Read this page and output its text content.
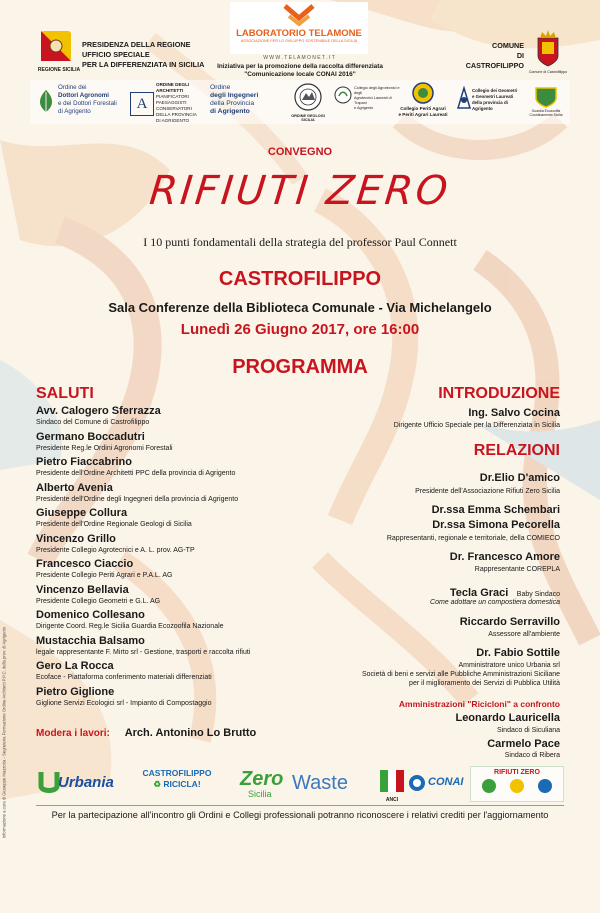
REGIONE SICILIA
PRESIDENZA DELLA REGIONE
UFFICIO SPECIALE
PER LA DIFFERENZIATA IN SICILIA
LABORATORIO TELAMONE
ASSOCIAZIONE PER LO SVILUPPO SOSTENIBILE DELLA SICILIA
W W W . T E L A M O N E T . I T
Iniziativa per la promozione della raccolta differenziata
"Comunicazione locale CONAI 2016"
COMUNE
DI
CASTROFILIPPO
Comune di Castrofilippo
Ordine dei
Dottori Agronomi
e dei Dottori Forestali
di Agrigento	A
ORDINE DEGLI ARCHITETTI
PIANIFICATORI
PAESAGGISTI
CONSERVATORI
DELLA PROVINCIA
DI AGRIGENTO
Ordine
degli Ingegneri
della Provincia
di Agrigento
ORDINE GEOLOGI SICILIA
Collegio degli Agrotecnici e degli
Agrotecnici Laureati di Trapani
e Agrigento	Collegio Periti Agrari
e Periti Agrari Laureati
Collegio dei Geometri
e Geometri Laureati
della provincia di Agrigento	Guardia Ecozoofila
Coordinamento Sicilia
CONVEGNO
RIFIUTI ZERO
I 10 punti fondamentali della strategia del professor Paul Connett
CASTROFILIPPO
Sala Conferenze della Biblioteca Comunale - Via Michelangelo
Lunedì 26 Giugno 2017, ore 16:00
PROGRAMMA
SALUTI
Avv. Calogero Sferrazza
Sindaco del Comune di Castrofilippo
Germano Boccadutri
Presidente Reg.le Ordini Agronomi Forestali
Pietro Fiaccabrino
Presidente dell'Ordine Architetti PPC della provincia di Agrigento
Alberto Avenia
Presidente dell'Ordine degli Ingegneri della provincia di Agrigento
Giuseppe Collura
Presidente dell'Ordine Regionale Geologi di Sicilia
Vincenzo Grillo
Presidente Collegio Agrotecnici e A. L. prov. AG-TP
Francesco Ciaccio
Presidente Collegio Periti Agrari e P.A.L. AG
Vincenzo Bellavia
Presidente Collegio Geometri e G.L. AG
Domenico Collesano
Dirigente Coord. Reg.le Sicilia Guardia Ecozoofila Nazionale
Mustacchia Balsamo
legale rappresentante F. Mirto srl - Gestione, trasporti e raccolta rifiuti
Gero La Rocca
Ecoface - Piattaforma conferimento materiali differenziati
Pietro Giglione
Giglione Servizi Ecologici srl - Impianto di Compostaggio
Modera i lavori: Arch. Antonino Lo Brutto
INTRODUZIONE
Ing. Salvo Cocina
Dirigente Ufficio Speciale per la Differenziata in Sicilia
RELAZIONI
Dr.Elio D'amico
Presidente dell'Associazione Rifiuti Zero Sicilia
Dr.ssa Emma Schembari
Dr.ssa Simona Pecorella
Rappresentanti, regionale e territoriale, della COMIECO
Dr. Francesco Amore
Rappresentante COREPLA
Tecla Graci Baby Sindaco
Come adottare un compostiera domestica
Riccardo Serravillo
Assessore all'ambiente
Dr. Fabio Sottile
Amministratore unico Urbania srl
Società di beni e servizi alle Pubbliche Amministrazioni Siciliane
per il miglioramento dei Servizi di Pubblica Utilità
Amministrazioni "Ricicloni" a confronto
Leonardo Lauricella
Sindaco di Siculiana
Carmelo Pace
Sindaco di Ribera
Urbania
CASTROFILIPPO
♻ RICICLA!	Zero Waste
Sicilia
ANCI
CONAI
RIFIUTI ZERO
Per la partecipazione all'incontro gli Ordini e Collegi professionali potranno riconoscere i relativi crediti per l'aggiornamento
Informazione a cura di Giuseppe Mazzotta - Segreteria Formazione Ordine Architetti P.P.C. della prov. di Agrigento
